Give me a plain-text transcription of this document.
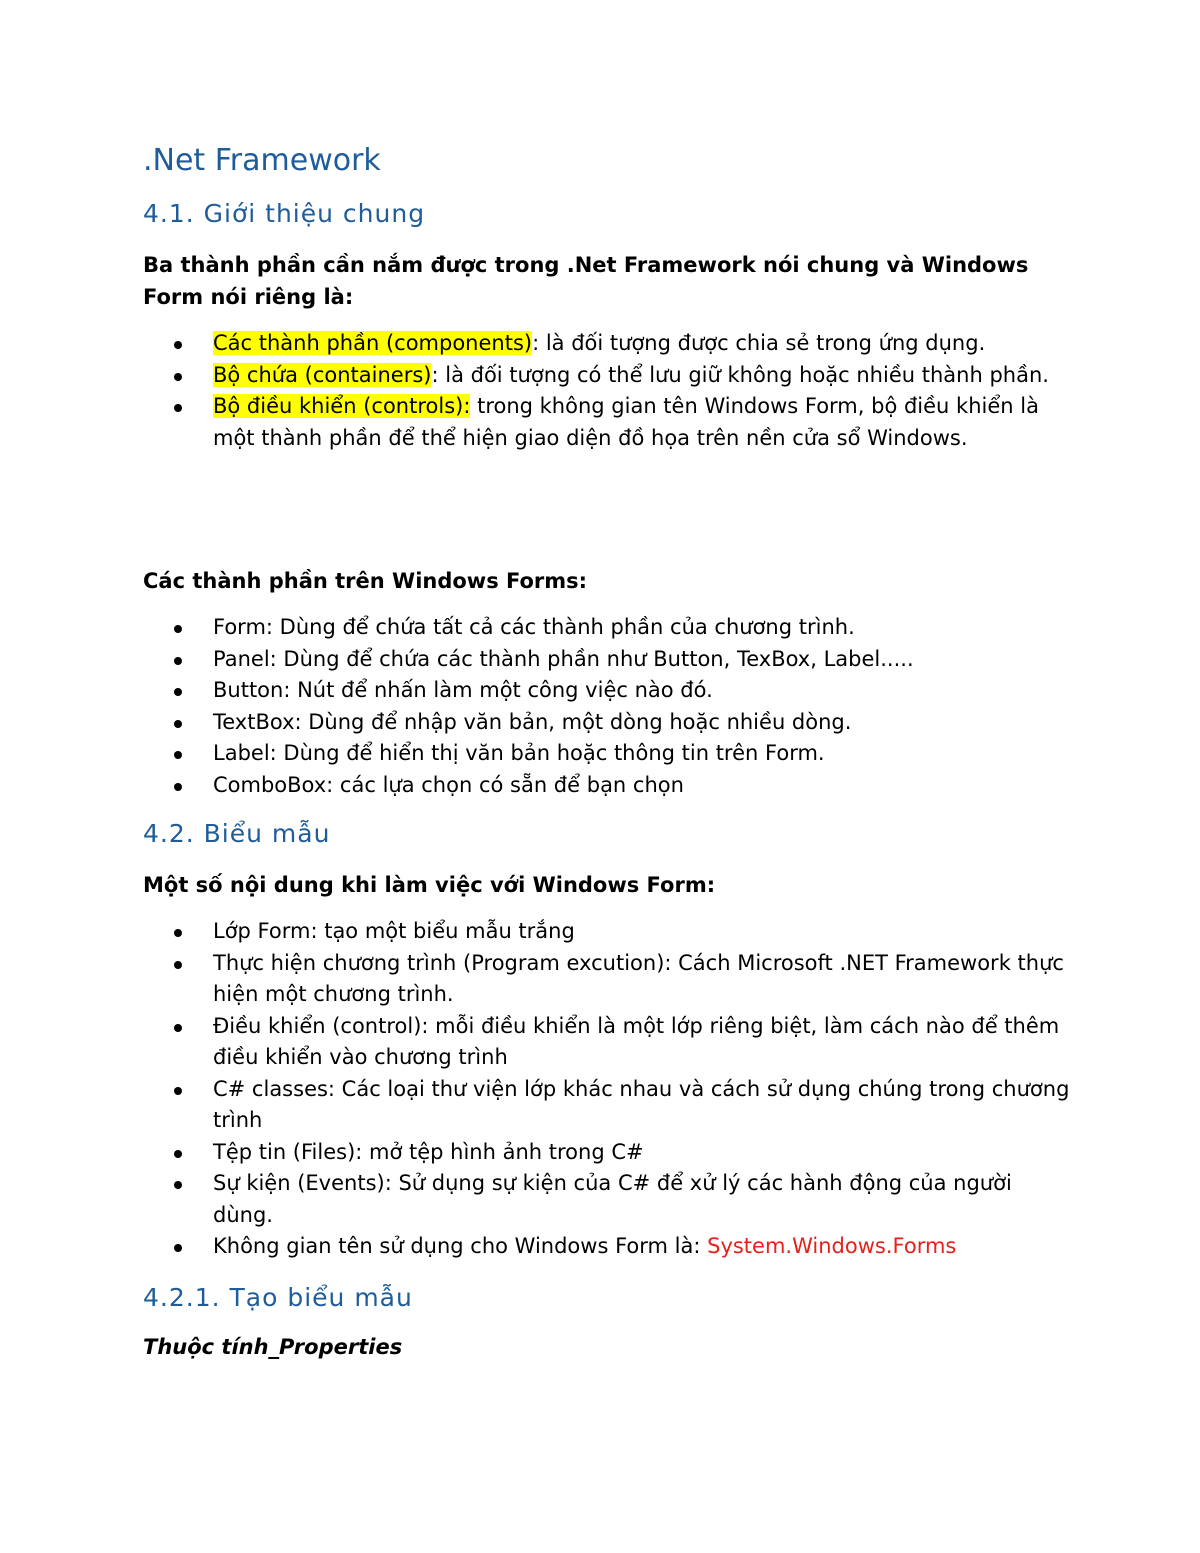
.Net Framework
4.1. Giới thiệu chung

Ba thành phần cần nắm được trong .Net Framework nói chung và Windows Form nói riêng là:

Các thành phần (components): là đối tượng được chia sẻ trong ứng dụng.
Bộ chứa (containers): là đối tượng có thể lưu giữ không hoặc nhiều thành phần.
Bộ điều khiển (controls): trong không gian tên Windows Form, bộ điều khiển là một thành phần để thể hiện giao diện đồ họa trên nền cửa sổ Windows.

Các thành phần trên Windows Forms:

Form: Dùng để chứa tất cả các thành phần của chương trình.
Panel: Dùng để chứa các thành phần như Button, TexBox, Label.....
Button: Nút để nhấn làm một công việc nào đó.
TextBox: Dùng để nhập văn bản, một dòng hoặc nhiều dòng.
Label: Dùng để hiển thị văn bản hoặc thông tin trên Form.
ComboBox: các lựa chọn có sẵn để bạn chọn
4.2. Biểu mẫu

Một số nội dung khi làm việc với Windows Form:

Lớp Form: tạo một biểu mẫu trắng
Thực hiện chương trình (Program excution): Cách Microsoft .NET Framework thực hiện một chương trình.
Điều khiển (control): mỗi điều khiển là một lớp riêng biệt, làm cách nào để thêm điều khiển vào chương trình
C# classes: Các loại thư viện lớp khác nhau và cách sử dụng chúng trong chương trình
Tệp tin (Files): mở tệp hình ảnh trong C#
Sự kiện (Events): Sử dụng sự kiện của C# để xử lý các hành động của người dùng.
Không gian tên sử dụng cho Windows Form là: System.Windows.Forms
4.2.1. Tạo biểu mẫu

Thuộc tính_Properties
